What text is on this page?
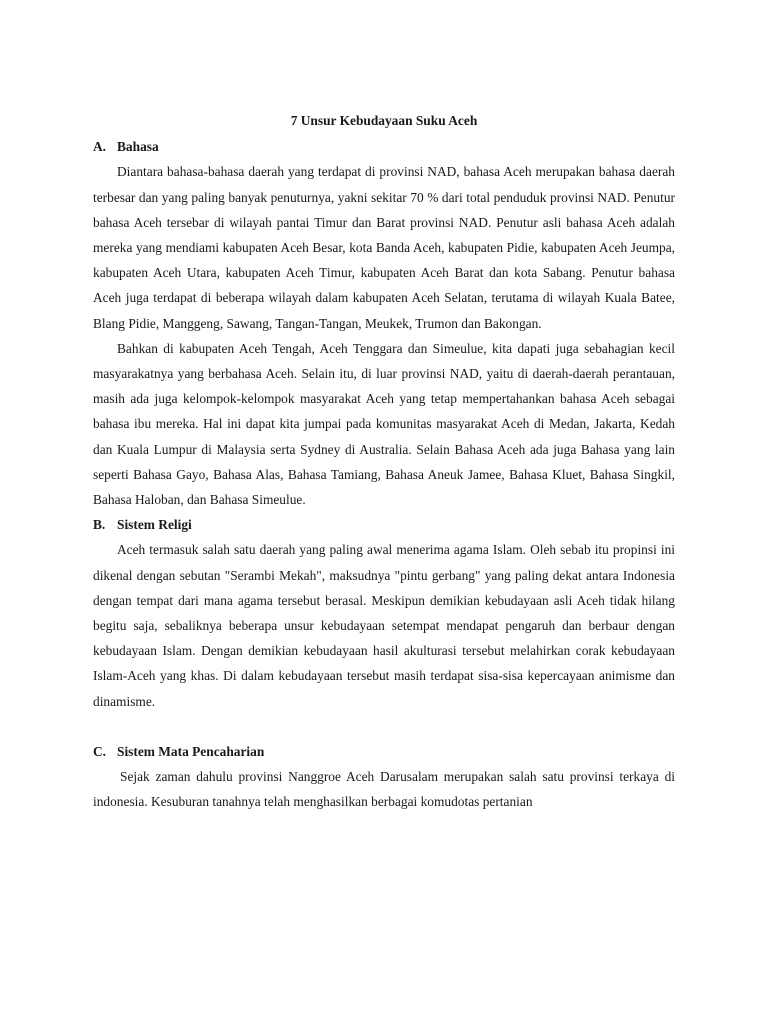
7 Unsur Kebudayaan Suku Aceh

A. Bahasa

Diantara bahasa-bahasa daerah yang terdapat di provinsi NAD, bahasa Aceh merupakan bahasa daerah terbesar dan yang paling banyak penuturnya, yakni sekitar 70 % dari total penduduk provinsi NAD. Penutur bahasa Aceh tersebar di wilayah pantai Timur dan Barat provinsi NAD. Penutur asli bahasa Aceh adalah mereka yang mendiami kabupaten Aceh Besar, kota Banda Aceh, kabupaten Pidie, kabupaten Aceh Jeumpa, kabupaten Aceh Utara, kabupaten Aceh Timur, kabupaten Aceh Barat dan kota Sabang. Penutur bahasa Aceh juga terdapat di beberapa wilayah dalam kabupaten Aceh Selatan, terutama di wilayah Kuala Batee, Blang Pidie, Manggeng, Sawang, Tangan-Tangan, Meukek, Trumon dan Bakongan.

Bahkan di kabupaten Aceh Tengah, Aceh Tenggara dan Simeulue, kita dapati juga sebahagian kecil masyarakatnya yang berbahasa Aceh. Selain itu, di luar provinsi NAD, yaitu di daerah-daerah perantauan, masih ada juga kelompok-kelompok masyarakat Aceh yang tetap mempertahankan bahasa Aceh sebagai bahasa ibu mereka. Hal ini dapat kita jumpai pada komunitas masyarakat Aceh di Medan, Jakarta, Kedah dan Kuala Lumpur di Malaysia serta Sydney di Australia. Selain Bahasa Aceh ada juga Bahasa yang lain seperti Bahasa Gayo, Bahasa Alas, Bahasa Tamiang, Bahasa Aneuk Jamee, Bahasa Kluet, Bahasa Singkil, Bahasa Haloban, dan Bahasa Simeulue.

B. Sistem Religi

Aceh termasuk salah satu daerah yang paling awal menerima agama Islam. Oleh sebab itu propinsi ini dikenal dengan sebutan "Serambi Mekah", maksudnya "pintu gerbang" yang paling dekat antara Indonesia dengan tempat dari mana agama tersebut berasal. Meskipun demikian kebudayaan asli Aceh tidak hilang begitu saja, sebaliknya beberapa unsur kebudayaan setempat mendapat pengaruh dan berbaur dengan kebudayaan Islam. Dengan demikian kebudayaan hasil akulturasi tersebut melahirkan corak kebudayaan Islam-Aceh yang khas. Di dalam kebudayaan tersebut masih terdapat sisa-sisa kepercayaan animisme dan dinamisme.

C. Sistem Mata Pencaharian

Sejak zaman dahulu provinsi Nanggroe Aceh Darusalam merupakan salah satu provinsi terkaya di indonesia. Kesuburan tanahnya telah menghasilkan berbagai komudotas pertanian
